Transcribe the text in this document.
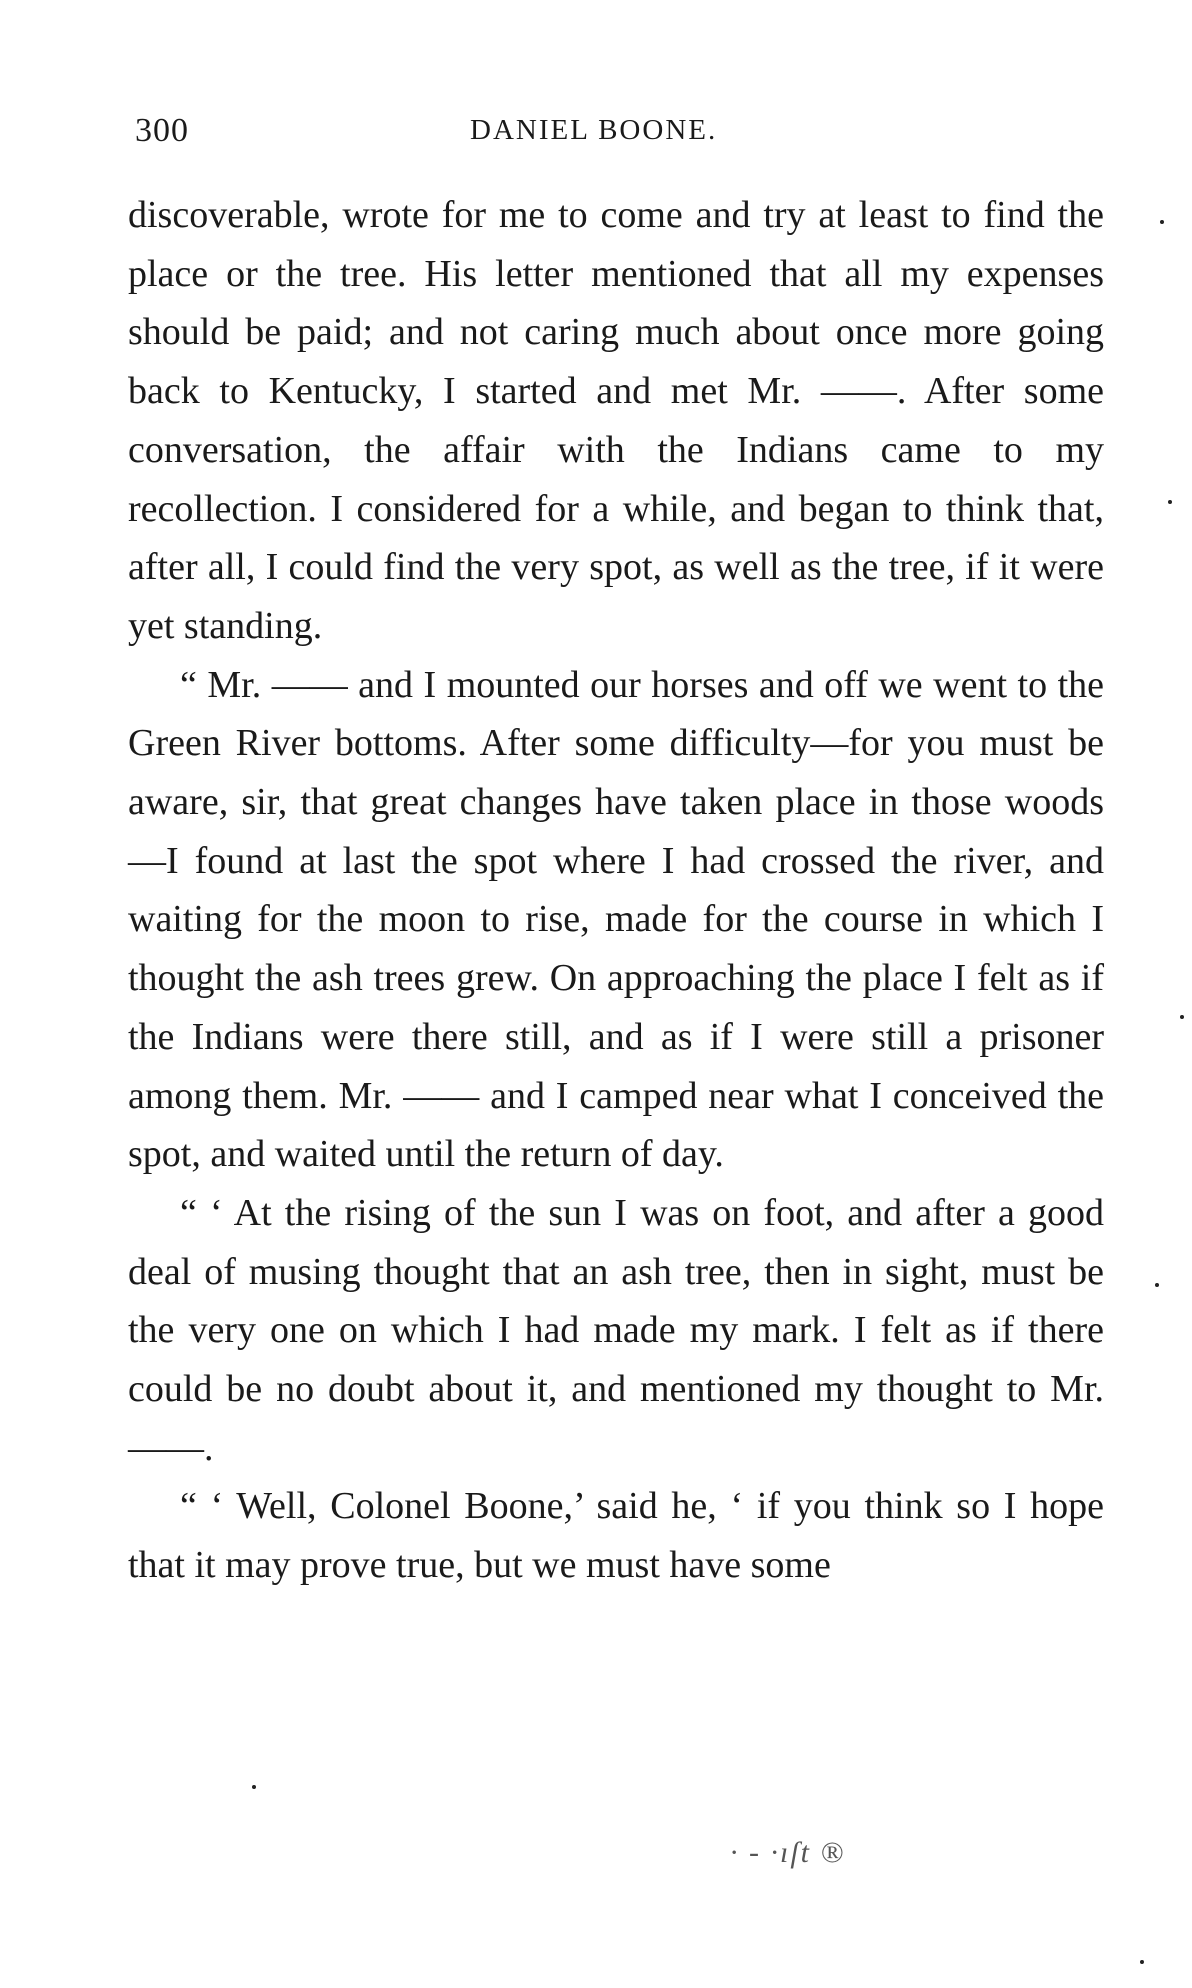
300	DANIEL BOONE.

discoverable, wrote for me to come and try at least to find the place or the tree. His letter mentioned that all my expenses should be paid; and not caring much about once more going back to Kentucky, I started and met Mr. ——. After some conversation, the affair with the Indians came to my recollection. I considered for a while, and began to think that, after all, I could find the very spot, as well as the tree, if it were yet standing.

“ Mr. —— and I mounted our horses and off we went to the Green River bottoms. After some difficulty—for you must be aware, sir, that great changes have taken place in those woods—I found at last the spot where I had crossed the river, and waiting for the moon to rise, made for the course in which I thought the ash trees grew. On approaching the place I felt as if the Indians were there still, and as if I were still a prisoner among them. Mr. —— and I camped near what I conceived the spot, and waited until the return of day.

“ ‘ At the rising of the sun I was on foot, and after a good deal of musing thought that an ash tree, then in sight, must be the very one on which I had made my mark. I felt as if there could be no doubt about it, and mentioned my thought to Mr. ——.

“ ‘ Well, Colonel Boone,’ said he, ‘ if you think so I hope that it may prove true, but we must have some

· - ·ıſt ®
